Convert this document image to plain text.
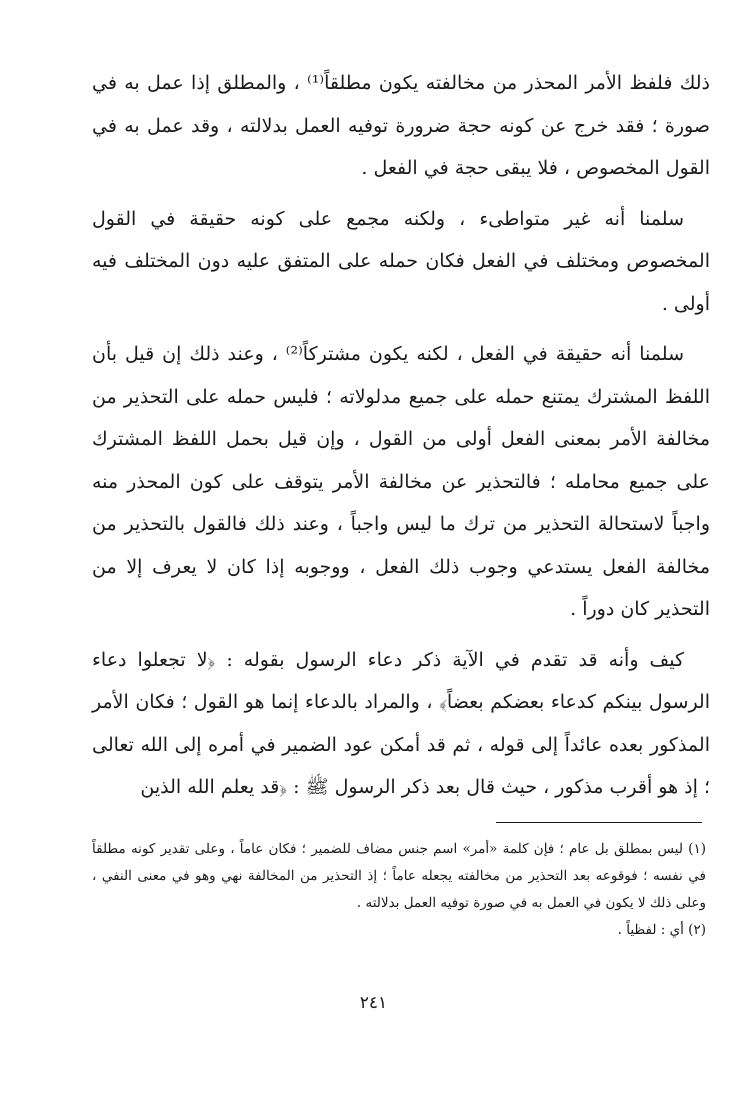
ذلك فلفظ الأمر المحذر من مخالفته يكون مطلقاً⁽¹⁾ ، والمطلق إذا عمل به في صورة ؛ فقد خرج عن كونه حجة ضرورة توفيه العمل بدلالته ، وقد عمل به في القول المخصوص ، فلا يبقى حجة في الفعل .

سلمنا أنه غير متواطىء ، ولكنه مجمع على كونه حقيقة في القول المخصوص ومختلف في الفعل فكان حمله على المتفق عليه دون المختلف فيه أولى .

سلمنا أنه حقيقة في الفعل ، لكنه يكون مشتركاً⁽²⁾ ، وعند ذلك إن قيل بأن اللفظ المشترك يمتنع حمله على جميع مدلولاته ؛ فليس حمله على التحذير من مخالفة الأمر بمعنى الفعل أولى من القول ، وإن قيل بحمل اللفظ المشترك على جميع محامله ؛ فالتحذير عن مخالفة الأمر يتوقف على كون المحذر منه واجباً لاستحالة التحذير من ترك ما ليس واجباً ، وعند ذلك فالقول بالتحذير من مخالفة الفعل يستدعي وجوب ذلك الفعل ، ووجوبه إذا كان لا يعرف إلا من التحذير كان دوراً .

كيف وأنه قد تقدم في الآية ذكر دعاء الرسول بقوله : ﴿لا تجعلوا دعاء الرسول بينكم كدعاء بعضكم بعضاً﴾ ، والمراد بالدعاء إنما هو القول ؛ فكان الأمر المذكور بعده عائداً إلى قوله ، ثم قد أمكن عود الضمير في أمره إلى الله تعالى ؛ إذ هو أقرب مذكور ، حيث قال بعد ذكر الرسول ﷺ : ﴿قد يعلم الله الذين

(١) ليس بمطلق بل عام ؛ فإن كلمة «أمر» اسم جنس مضاف للضمير ؛ فكان عاماً ، وعلى تقدير كونه مطلقاً في نفسه ؛ فوقوعه بعد التحذير من مخالفته يجعله عاماً ؛ إذ التحذير من المخالفة نهي وهو في معنى النفي ، وعلى ذلك لا يكون في العمل به في صورة توفيه العمل بدلالته .

(٢) أي : لفظياً .

٢٤١
